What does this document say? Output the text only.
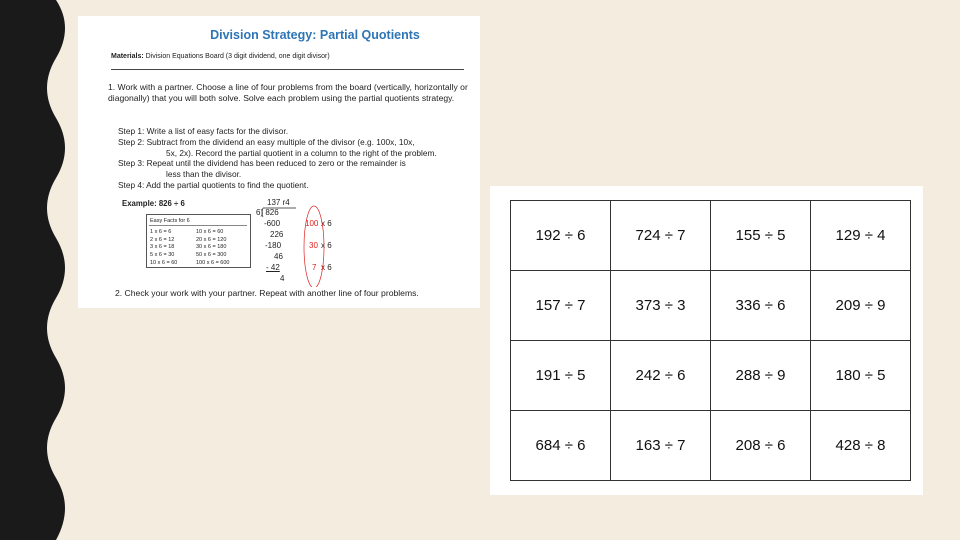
Division Strategy: Partial Quotients
Materials: Division Equations Board (3 digit dividend, one digit divisor)
1. Work with a partner. Choose a line of four problems from the board (vertically, horizontally or diagonally) that you will both solve. Solve each problem using the partial quotients strategy.
Step 1: Write a list of easy facts for the divisor.
Step 2: Subtract from the dividend an easy multiple of the divisor (e.g. 100x, 10x,
5x, 2x). Record the partial quotient in a column to the right of the problem.
Step 3: Repeat until the dividend has been reduced to zero or the remainder is
less than the divisor.
Step 4: Add the partial quotients to find the quotient.
Example: 826 ÷ 6
Easy Facts for 6
1 x 6 = 6	10 x 6 = 60
2 x 6 = 12	20 x 6 = 120
3 x 6 = 18	30 x 6 = 180
5 x 6 = 30	50 x 6 = 300
10 x 6 = 60	100 x 6 = 600
137 r4
6) 826
-600
226
-180
46
- 42
4
100 x 6
30 x 6
7 x 6
2. Check your work with your partner. Repeat with another line of four problems.
192 ÷ 6	724 ÷ 7	155 ÷ 5	129 ÷ 4
157 ÷ 7	373 ÷ 3	336 ÷ 6	209 ÷ 9
191 ÷ 5	242 ÷ 6	288 ÷ 9	180 ÷ 5
684 ÷ 6	163 ÷ 7	208 ÷ 6	428 ÷ 8
